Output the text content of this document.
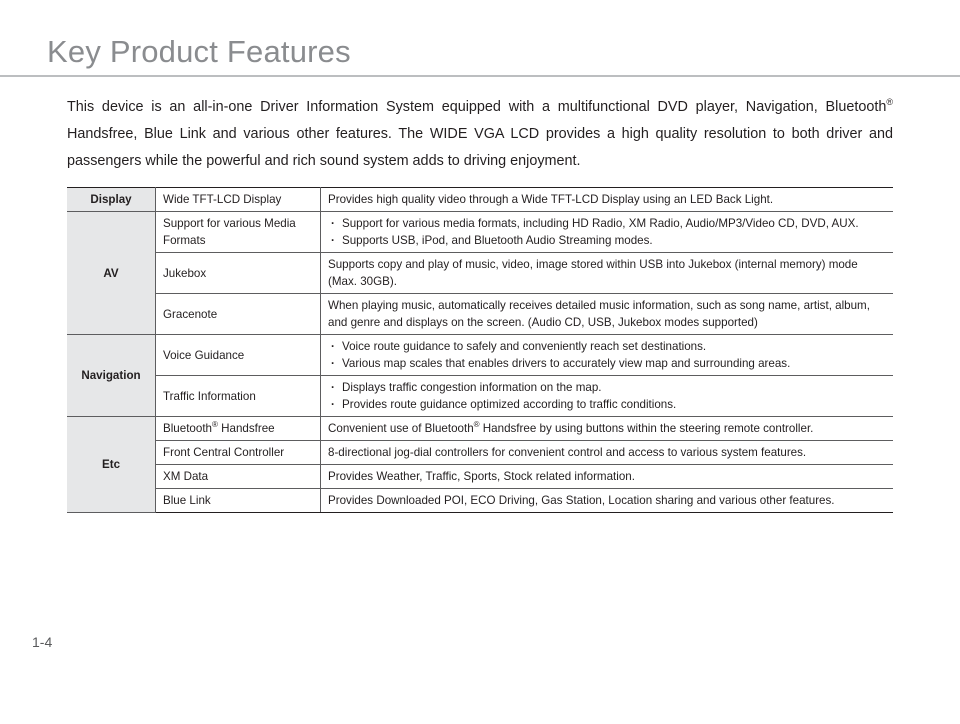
Key Product Features

This device is an all-in-one Driver Information System equipped with a multifunctional DVD player, Navigation, Bluetooth® Handsfree, Blue Link and various other features. The WIDE VGA LCD provides a high quality resolution to both driver and passengers while the powerful and rich sound system adds to driving enjoyment.

Display	Wide TFT-LCD Display	Provides high quality video through a Wide TFT-LCD Display using an LED Back Light.
AV	Support for various Media Formats	· Support for various media formats, including HD Radio, XM Radio, Audio/MP3/Video CD, DVD, AUX.
· Supports USB, iPod, and Bluetooth Audio Streaming modes.

	Jukebox	Supports copy and play of music, video, image stored within USB into Jukebox (internal memory) mode (Max. 30GB).
	Gracenote	When playing music, automatically receives detailed music information, such as song name, artist, album, and genre and displays on the screen. (Audio CD, USB, Jukebox modes supported)
Navigation	Voice Guidance	· Voice route guidance to safely and conveniently reach set destinations.
· Various map scales that enables drivers to accurately view map and surrounding areas.

	Traffic Information	· Displays traffic congestion information on the map.
· Provides route guidance optimized according to traffic conditions.

Etc	Bluetooth® Handsfree	Convenient use of Bluetooth® Handsfree by using buttons within the steering remote controller.
	Front Central Controller	8-directional jog-dial controllers for convenient control and access to various system features.
	XM Data	Provides Weather, Traffic, Sports, Stock related information.
	Blue Link	Provides Downloaded POI, ECO Driving, Gas Station, Location sharing and various other features.
1-4
